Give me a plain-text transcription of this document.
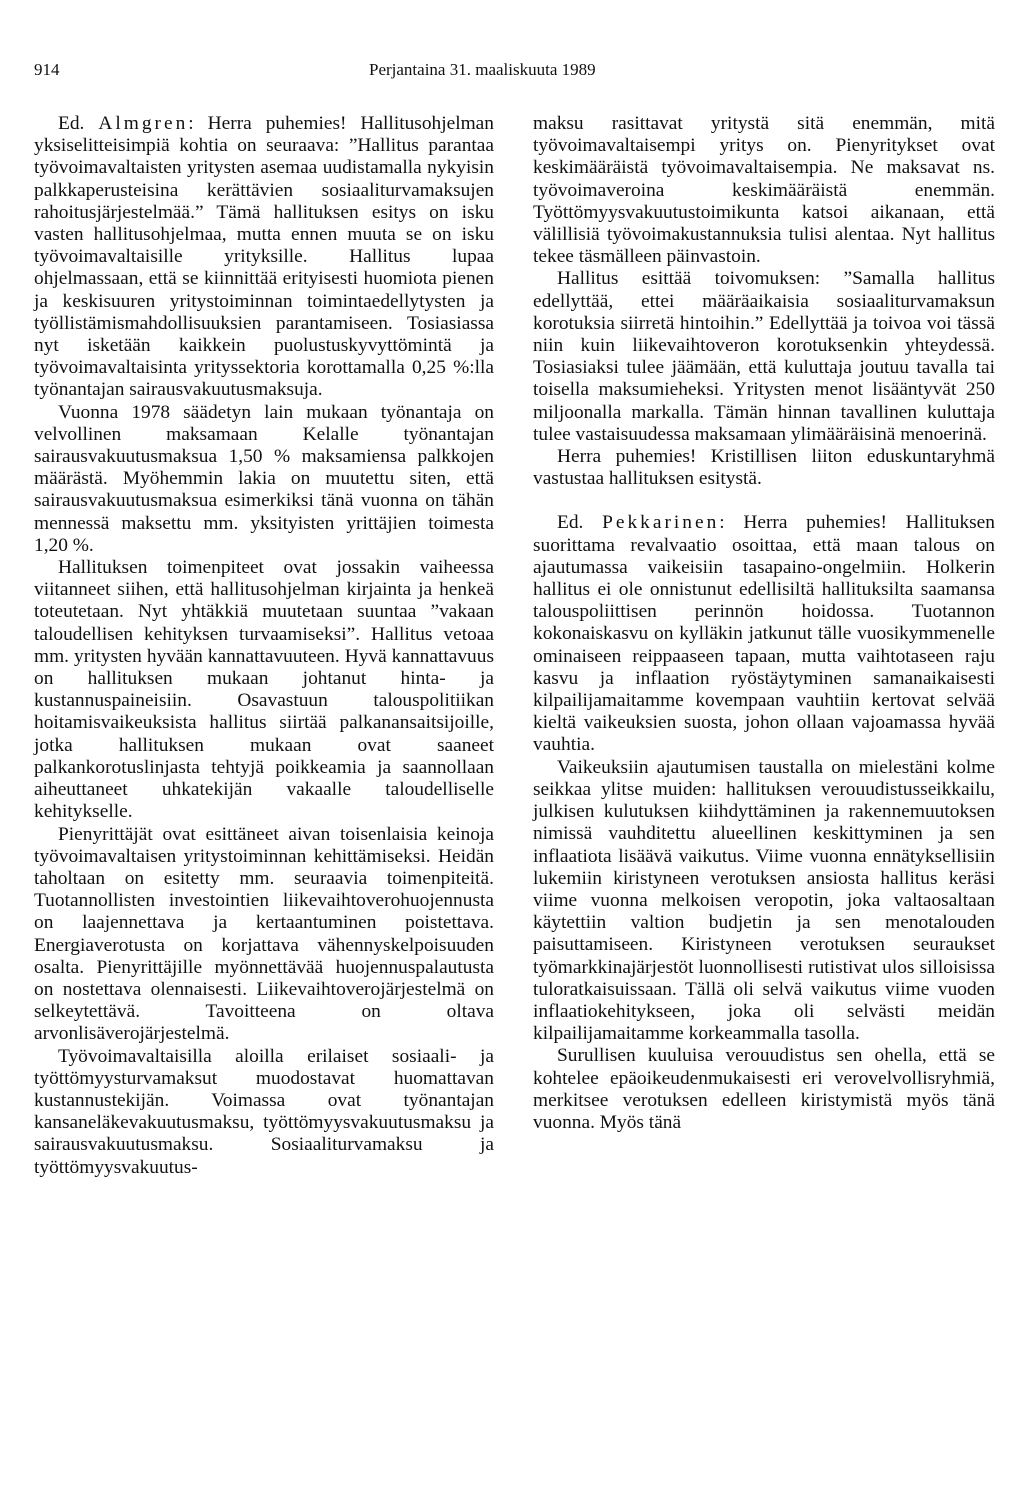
914	Perjantaina 31. maaliskuuta 1989

Ed. Almgren: Herra puhemies! Hallitusohjelman yksiselitteisimpiä kohtia on seuraava: ”Hallitus parantaa työvoimavaltaisten yritysten asemaa uudistamalla nykyisin palkkaperusteisina kerättävien sosiaaliturvamaksujen rahoitusjärjestelmää.” Tämä hallituksen esitys on isku vasten hallitusohjelmaa, mutta ennen muuta se on isku työvoimavaltaisille yrityksille. Hallitus lupaa ohjelmassaan, että se kiinnittää erityisesti huomiota pienen ja keskisuuren yritystoiminnan toimintaedellytysten ja työllistämismahdollisuuksien parantamiseen. Tosiasiassa nyt isketään kaikkein puolustuskyvyttömintä ja työvoimavaltaisinta yrityssektoria korottamalla 0,25 %:lla työnantajan sairausvakuutusmaksuja.

Vuonna 1978 säädetyn lain mukaan työnantaja on velvollinen maksamaan Kelalle työnantajan sairausvakuutusmaksua 1,50 % maksamiensa palkkojen määrästä. Myöhemmin lakia on muutettu siten, että sairausvakuutusmaksua esimerkiksi tänä vuonna on tähän mennessä maksettu mm. yksityisten yrittäjien toimesta 1,20 %.

Hallituksen toimenpiteet ovat jossakin vaiheessa viitanneet siihen, että hallitusohjelman kirjainta ja henkeä toteutetaan. Nyt yhtäkkiä muutetaan suuntaa ”vakaan taloudellisen kehityksen turvaamiseksi”. Hallitus vetoaa mm. yritysten hyvään kannattavuuteen. Hyvä kannattavuus on hallituksen mukaan johtanut hinta- ja kustannuspaineisiin. Osavastuun talouspolitiikan hoitamisvaikeuksista hallitus siirtää palkanansaitsijoille, jotka hallituksen mukaan ovat saaneet palkankorotuslinjasta tehtyjä poikkeamia ja saannollaan aiheuttaneet uhkatekijän vakaalle taloudelliselle kehitykselle.

Pienyrittäjät ovat esittäneet aivan toisenlaisia keinoja työvoimavaltaisen yritystoiminnan kehittämiseksi. Heidän taholtaan on esitetty mm. seuraavia toimenpiteitä. Tuotannollisten investointien liikevaihtoverohuojennusta on laajennettava ja kertaantuminen poistettava. Energiaverotusta on korjattava vähennyskelpoisuuden osalta. Pienyrittäjille myönnettävää huojennuspalautusta on nostettava olennaisesti. Liikevaihtoverojärjestelmä on selkeytettävä. Tavoitteena on oltava arvonlisäverojärjestelmä.

Työvoimavaltaisilla aloilla erilaiset sosiaali- ja työttömyysturvamaksut muodostavat huomattavan kustannustekijän. Voimassa ovat työnantajan kansaneläkevakuutusmaksu, työttömyysvakuutusmaksu ja sairausvakuutusmaksu. Sosiaaliturvamaksu ja työttömyysvakuutus-

maksu rasittavat yritystä sitä enemmän, mitä työvoimavaltaisempi yritys on. Pienyritykset ovat keskimääräistä työvoimavaltaisempia. Ne maksavat ns. työvoimaveroina keskimääräistä enemmän. Työttömyysvakuutustoimikunta katsoi aikanaan, että välillisiä työvoimakustannuksia tulisi alentaa. Nyt hallitus tekee täsmälleen päinvastoin.

Hallitus esittää toivomuksen: ”Samalla hallitus edellyttää, ettei määräaikaisia sosiaaliturvamaksun korotuksia siirretä hintoihin.” Edellyttää ja toivoa voi tässä niin kuin liikevaihtoveron korotuksenkin yhteydessä. Tosiasiaksi tulee jäämään, että kuluttaja joutuu tavalla tai toisella maksumieheksi. Yritysten menot lisääntyvät 250 miljoonalla markalla. Tämän hinnan tavallinen kuluttaja tulee vastaisuudessa maksamaan ylimääräisinä menoerinä.

Herra puhemies! Kristillisen liiton eduskuntaryhmä vastustaa hallituksen esitystä.

Ed. Pekkarinen: Herra puhemies! Hallituksen suorittama revalvaatio osoittaa, että maan talous on ajautumassa vaikeisiin tasapaino-ongelmiin. Holkerin hallitus ei ole onnistunut edellisiltä hallituksilta saamansa talouspoliittisen perinnön hoidossa. Tuotannon kokonaiskasvu on kylläkin jatkunut tälle vuosikymmenelle ominaiseen reippaaseen tapaan, mutta vaihtotaseen raju kasvu ja inflaation ryöstäytyminen samanaikaisesti kilpailijamaitamme kovempaan vauhtiin kertovat selvää kieltä vaikeuksien suosta, johon ollaan vajoamassa hyvää vauhtia.

Vaikeuksiin ajautumisen taustalla on mielestäni kolme seikkaa ylitse muiden: hallituksen verouudistusseikkailu, julkisen kulutuksen kiihdyttäminen ja rakennemuutoksen nimissä vauhditettu alueellinen keskittyminen ja sen inflaatiota lisäävä vaikutus. Viime vuonna ennätyksellisiin lukemiin kiristyneen verotuksen ansiosta hallitus keräsi viime vuonna melkoisen veropotin, joka valtaosaltaan käytettiin valtion budjetin ja sen menotalouden paisuttamiseen. Kiristyneen verotuksen seuraukset työmarkkinajärjestöt luonnollisesti rutistivat ulos silloisissa tuloratkaisuissaan. Tällä oli selvä vaikutus viime vuoden inflaatiokehitykseen, joka oli selvästi meidän kilpailijamaitamme korkeammalla tasolla.

Surullisen kuuluisa verouudistus sen ohella, että se kohtelee epäoikeudenmukaisesti eri verovelvollisryhmiä, merkitsee verotuksen edelleen kiristymistä myös tänä vuonna. Myös tänä
